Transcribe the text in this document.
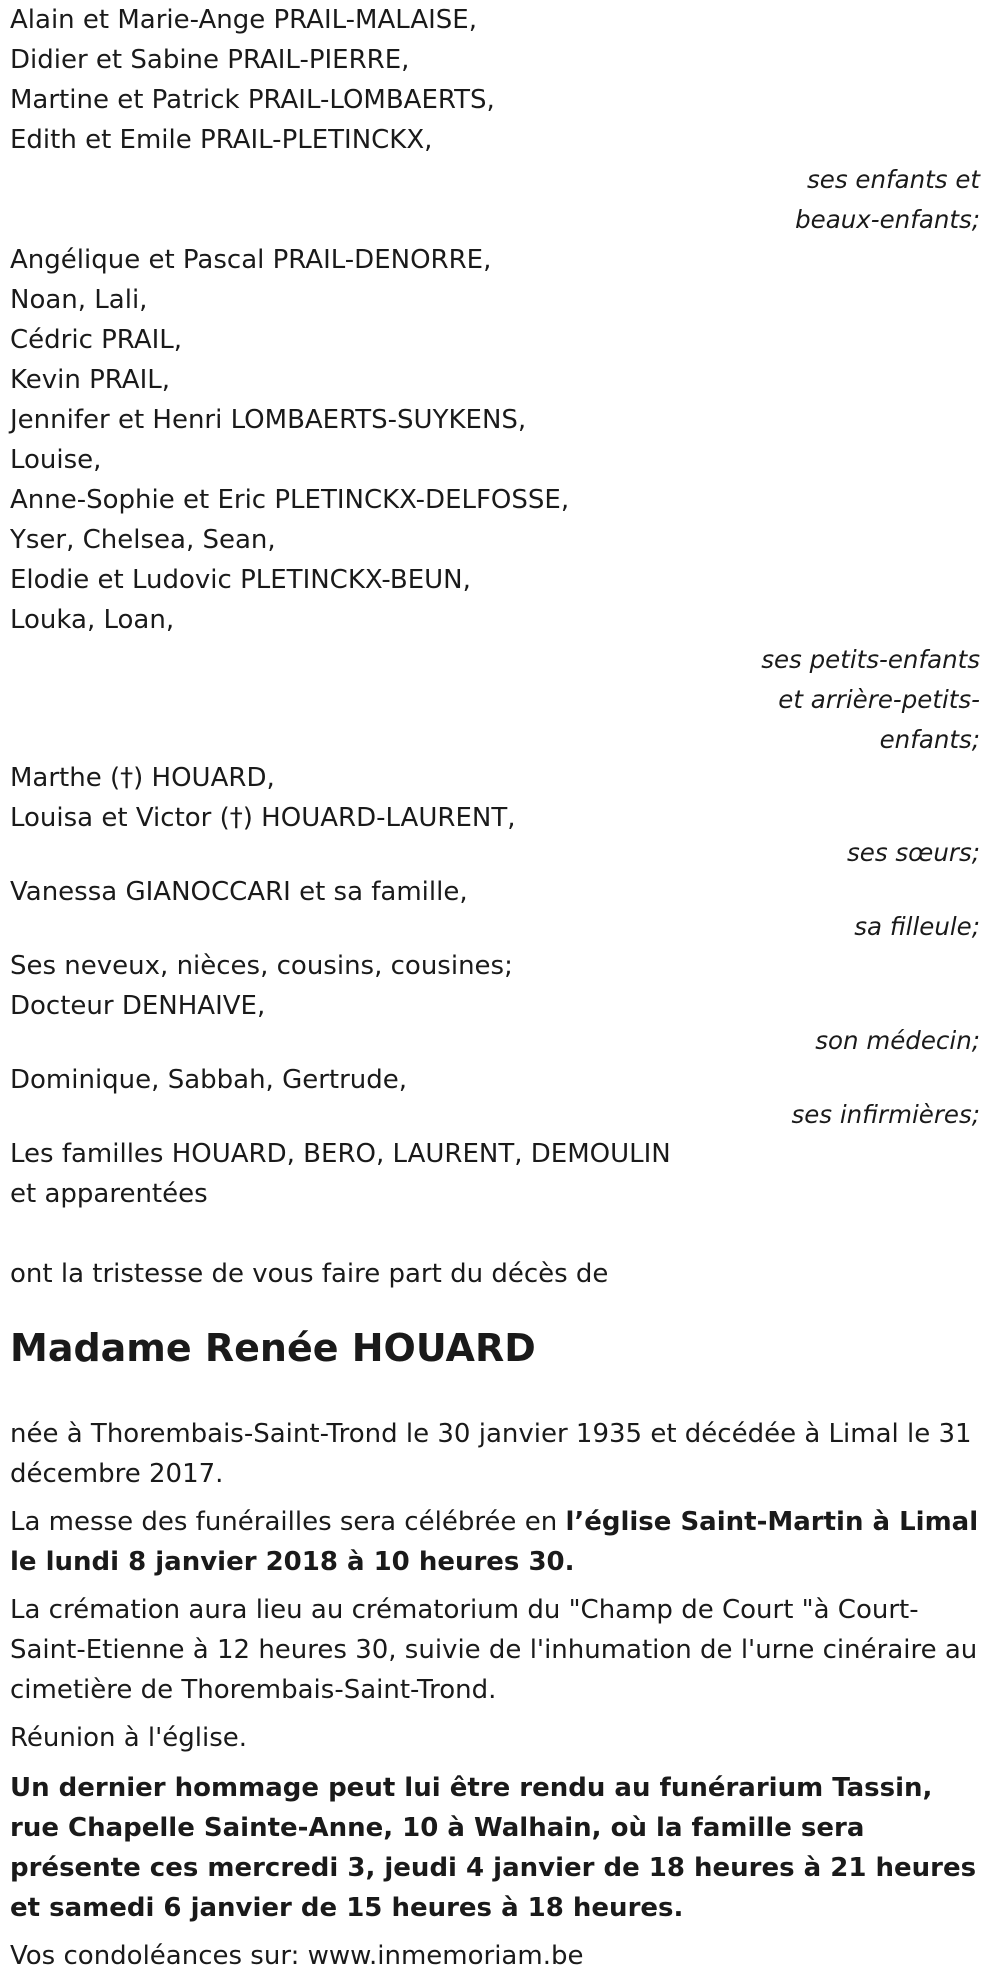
Alain et Marie-Ange PRAIL-MALAISE,
Didier et Sabine PRAIL-PIERRE,
Martine et Patrick PRAIL-LOMBAERTS,
Edith et Emile PRAIL-PLETINCKX,
ses enfants et
beaux-enfants;
Angélique et Pascal PRAIL-DENORRE,
Noan, Lali,
Cédric PRAIL,
Kevin PRAIL,
Jennifer et Henri LOMBAERTS-SUYKENS,
Louise,
Anne-Sophie et Eric PLETINCKX-DELFOSSE,
Yser, Chelsea, Sean,
Elodie et Ludovic PLETINCKX-BEUN,
Louka, Loan,
ses petits-enfants
et arrière-petits-
enfants;
Marthe (†) HOUARD,
Louisa et Victor (†) HOUARD-LAURENT,
ses sœurs;
Vanessa GIANOCCARI et sa famille,
sa filleule;
Ses neveux, nièces, cousins, cousines;
Docteur DENHAIVE,
son médecin;
Dominique, Sabbah, Gertrude,
ses infirmières;
Les familles HOUARD, BERO, LAURENT, DEMOULIN
et apparentées

ont la tristesse de vous faire part du décès de

Madame Renée HOUARD

née à Thorembais-Saint-Trond le 30 janvier 1935 et décédée à Limal le 31 décembre 2017.

La messe des funérailles sera célébrée en l’église Saint-Martin à Limal le lundi 8 janvier 2018 à 10 heures 30.

La crémation aura lieu au crématorium du "Champ de Court "à Court-Saint-Etienne à 12 heures 30, suivie de l'inhumation de l'urne cinéraire au cimetière de Thorembais-Saint-Trond.

Réunion à l'église.

Un dernier hommage peut lui être rendu au funérarium Tassin, rue Chapelle Sainte-Anne, 10 à Walhain, où la famille sera présente ces mercredi 3, jeudi 4 janvier de 18 heures à 21 heures et samedi 6 janvier de 15 heures à 18 heures.

Vos condoléances sur: www.inmemoriam.be
